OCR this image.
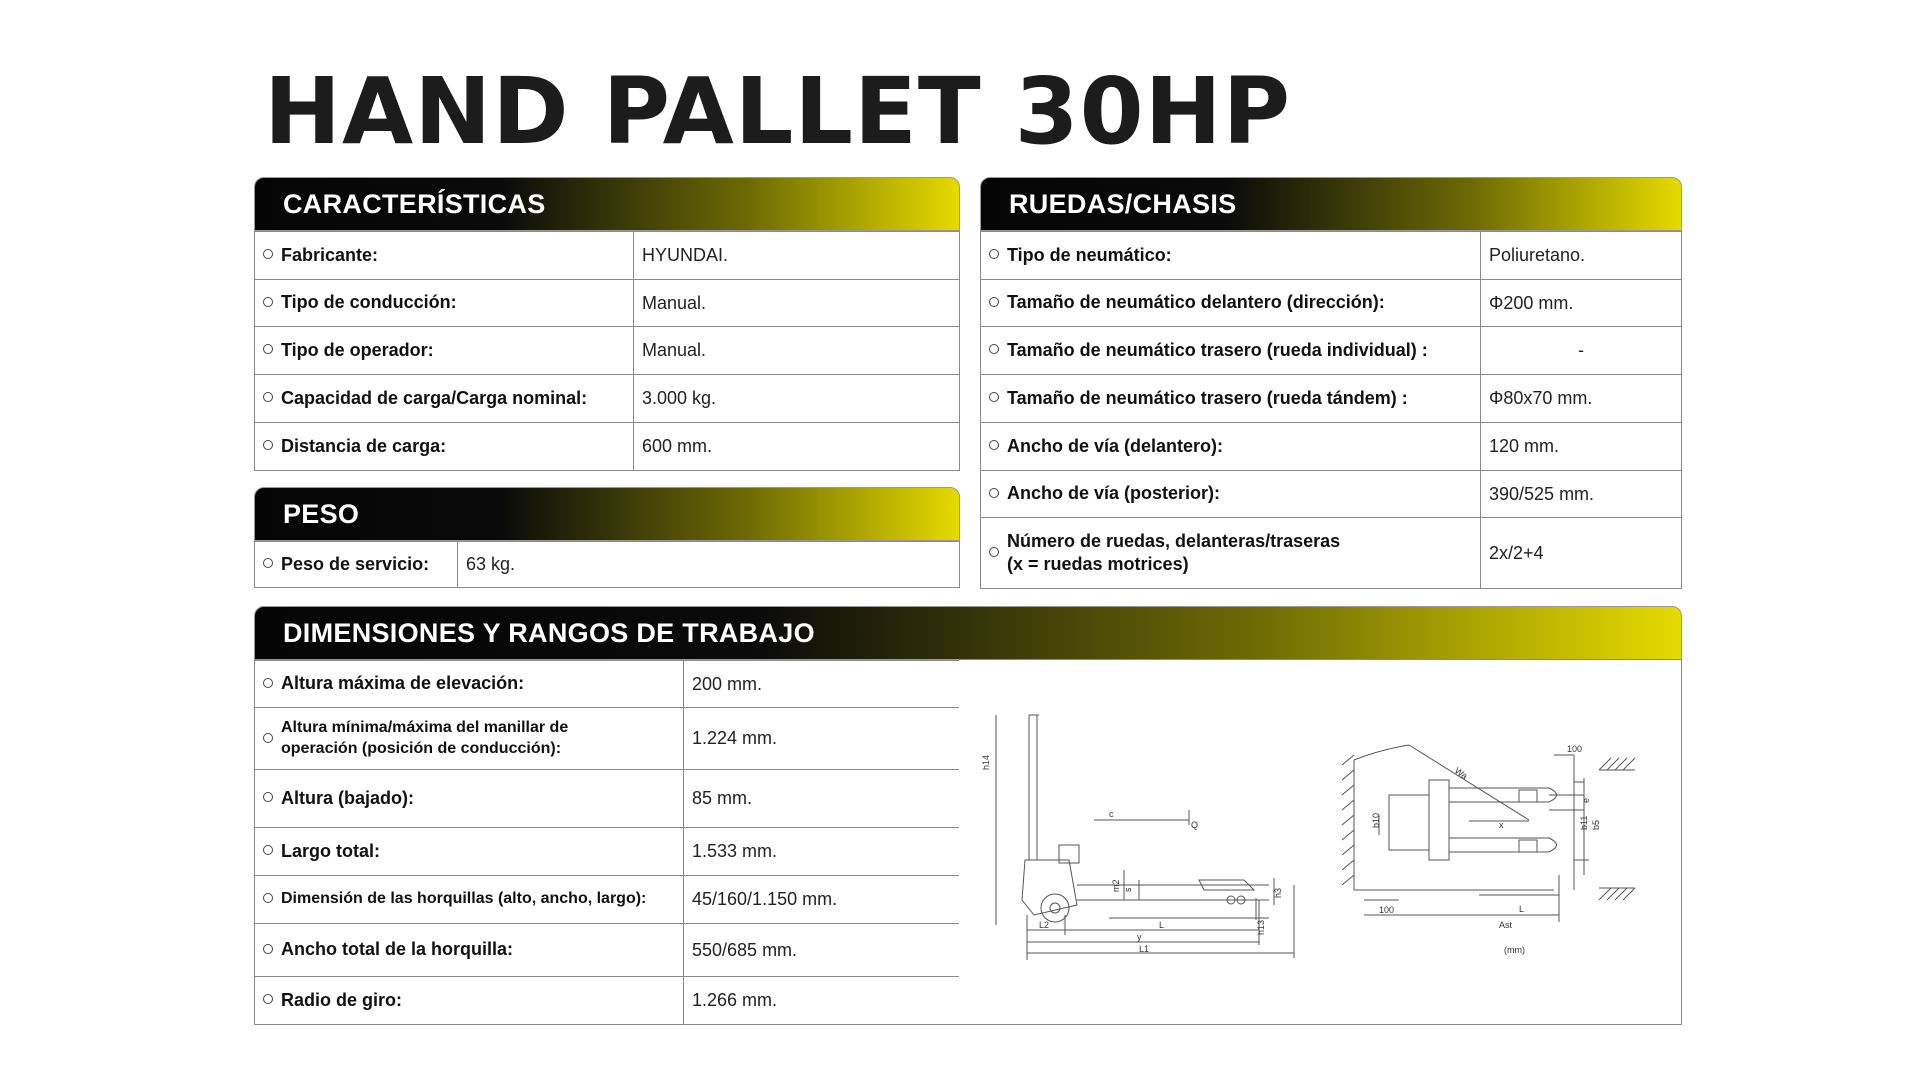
HAND PALLET 30HP
CARACTERÍSTICAS
Fabricante:	HYUNDAI.

Tipo de conducción:	Manual.

Tipo de operador:	Manual.

Capacidad de carga/Carga nominal:	3.000 kg.

Distancia de carga:	600 mm.
PESO
Peso de servicio:	63 kg.
RUEDAS/CHASIS
Tipo de neumático:	Poliuretano.

Tamaño de neumático delantero (dirección):	Φ200 mm.

Tamaño de neumático trasero (rueda individual) :	-

Tamaño de neumático trasero (rueda tándem) :	Φ80x70 mm.

Ancho de vía (delantero):	120 mm.

Ancho de vía (posterior):	390/525 mm.

Número de ruedas, delanteras/traseras
(x = ruedas motrices)	2x/2+4
DIMENSIONES Y RANGOS DE TRABAJO
Altura máxima de elevación:	200 mm.

Altura mínima/máxima del manillar de
operación (posición de conducción):	1.224 mm.

Altura (bajado):	85 mm.

Largo total:	1.533 mm.

Dimensión de las horquillas (alto, ancho, largo):	45/160/1.150 mm.

Ancho total de la horquilla:	550/685 mm.

Radio de giro:	1.266 mm.
h14
c
Q
m2 s	h3
L2	L	h13
y
L1
100
Wa
e
x
b10	b11 b5
100	L
Ast
(mm)
